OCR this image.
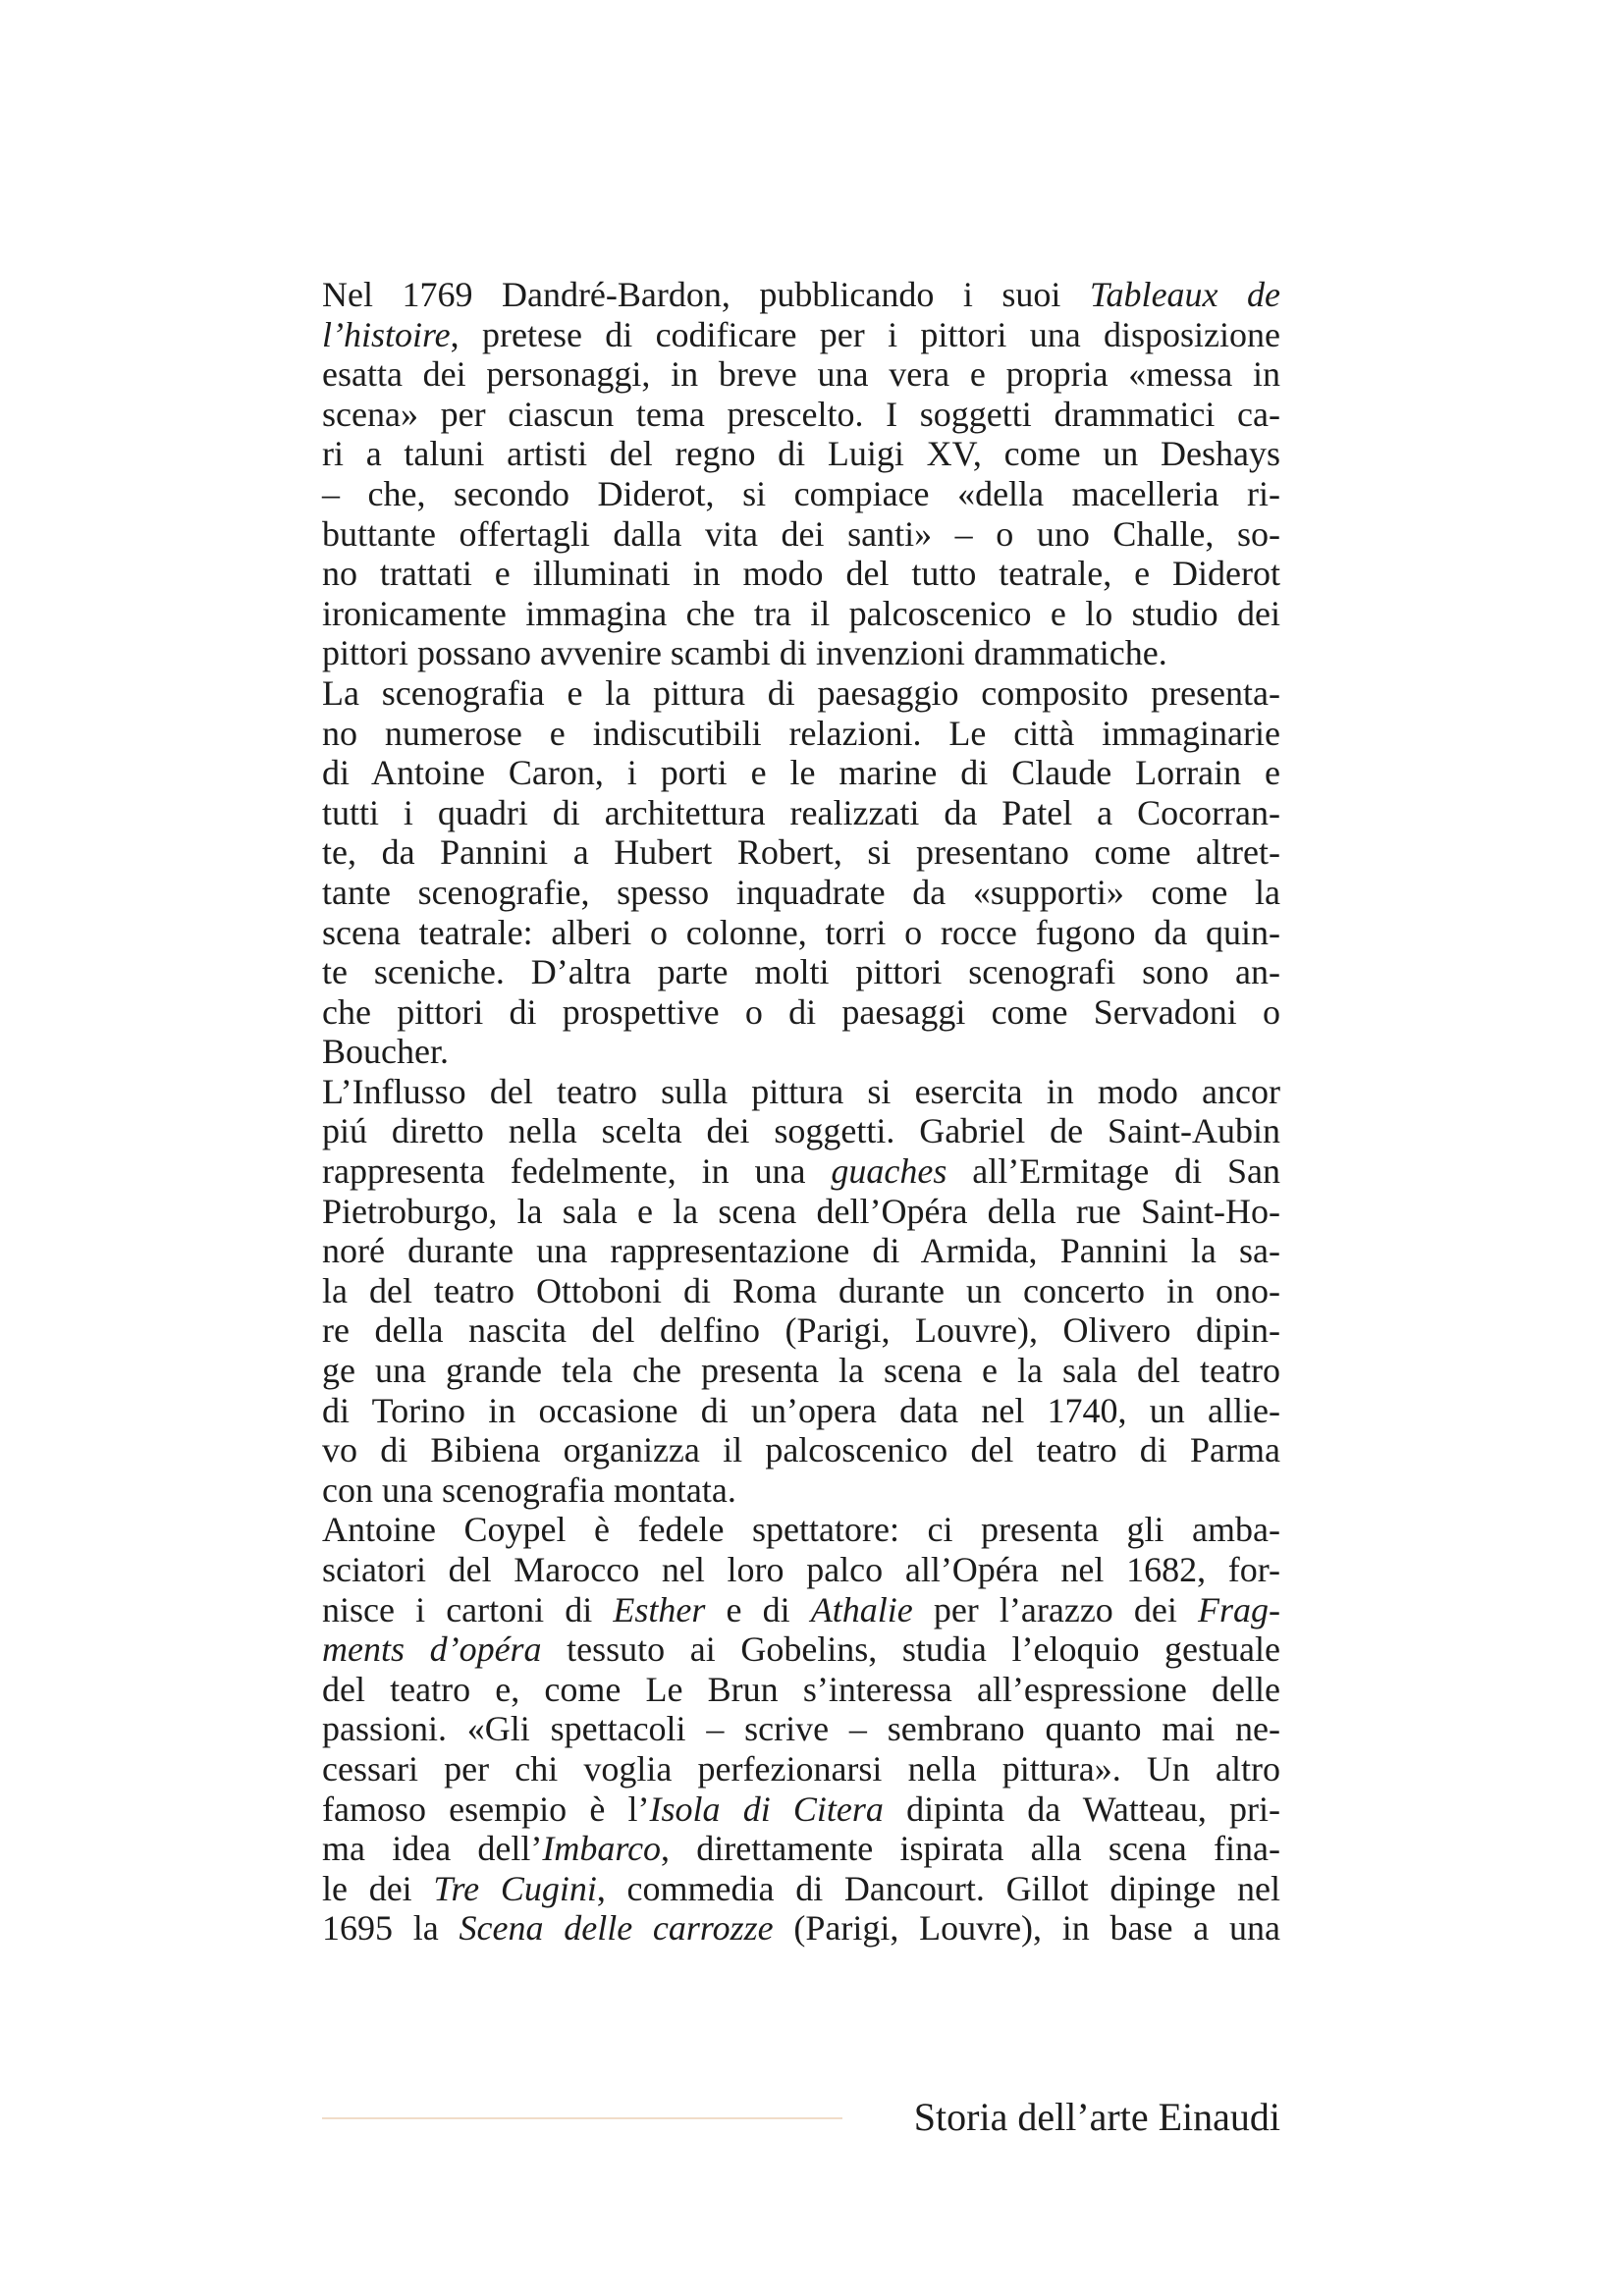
Nel 1769 Dandré-Bardon, pubblicando i suoi Tableaux de
l’histoire, pretese di codificare per i pittori una disposizione
esatta dei personaggi, in breve una vera e propria «messa in
scena» per ciascun tema prescelto. I soggetti drammatici ca-
ri a taluni artisti del regno di Luigi XV, come un Deshays
– che, secondo Diderot, si compiace «della macelleria ri-
buttante offertagli dalla vita dei santi» – o uno Challe, so-
no trattati e illuminati in modo del tutto teatrale, e Diderot
ironicamente immagina che tra il palcoscenico e lo studio dei
pittori possano avvenire scambi di invenzioni drammatiche.
La scenografia e la pittura di paesaggio composito presenta-
no numerose e indiscutibili relazioni. Le città immaginarie
di Antoine Caron, i porti e le marine di Claude Lorrain e
tutti i quadri di architettura realizzati da Patel a Cocorran-
te, da Pannini a Hubert Robert, si presentano come altret-
tante scenografie, spesso inquadrate da «supporti» come la
scena teatrale: alberi o colonne, torri o rocce fugono da quin-
te sceniche. D’altra parte molti pittori scenografi sono an-
che pittori di prospettive o di paesaggi come Servadoni o
Boucher.
L’Influsso del teatro sulla pittura si esercita in modo ancor
piú diretto nella scelta dei soggetti. Gabriel de Saint-Aubin
rappresenta fedelmente, in una guaches all’Ermitage di San
Pietroburgo, la sala e la scena dell’Opéra della rue Saint-Ho-
noré durante una rappresentazione di Armida, Pannini la sa-
la del teatro Ottoboni di Roma durante un concerto in ono-
re della nascita del delfino (Parigi, Louvre), Olivero dipin-
ge una grande tela che presenta la scena e la sala del teatro
di Torino in occasione di un’opera data nel 1740, un allie-
vo di Bibiena organizza il palcoscenico del teatro di Parma
con una scenografia montata.
Antoine Coypel è fedele spettatore: ci presenta gli amba-
sciatori del Marocco nel loro palco all’Opéra nel 1682, for-
nisce i cartoni di Esther e di Athalie per l’arazzo dei Frag-
ments d’opéra tessuto ai Gobelins, studia l’eloquio gestuale
del teatro e, come Le Brun s’interessa all’espressione delle
passioni. «Gli spettacoli – scrive – sembrano quanto mai ne-
cessari per chi voglia perfezionarsi nella pittura». Un altro
famoso esempio è l’Isola di Citera dipinta da Watteau, pri-
ma idea dell’Imbarco, direttamente ispirata alla scena fina-
le dei Tre Cugini, commedia di Dancourt. Gillot dipinge nel
1695 la Scena delle carrozze (Parigi, Louvre), in base a una
Storia dell’arte Einaudi
